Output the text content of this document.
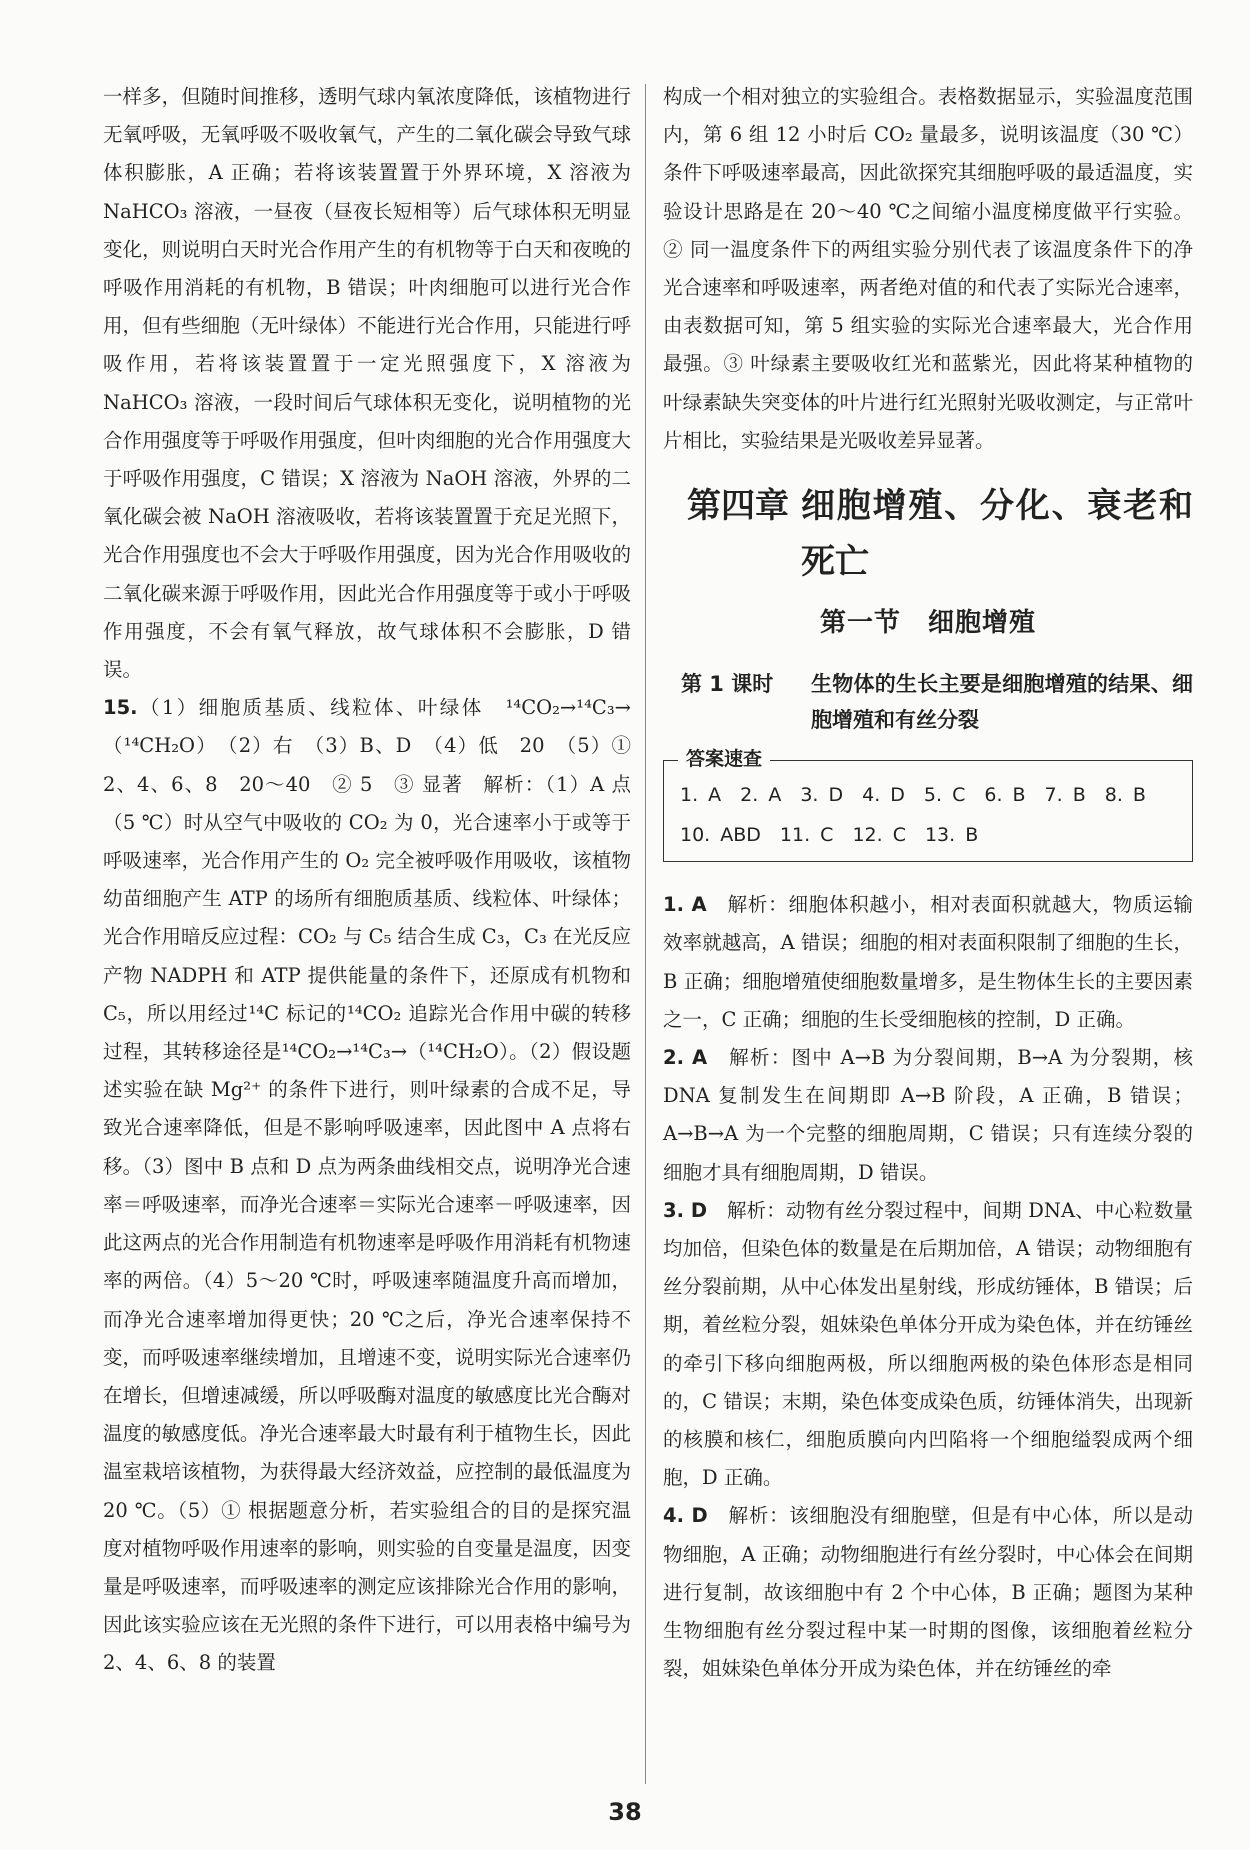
一样多，但随时间推移，透明气球内氧浓度降低，该植物进行无氧呼吸，无氧呼吸不吸收氧气，产生的二氧化碳会导致气球体积膨胀，A 正确；若将该装置置于外界环境，X 溶液为 NaHCO₃ 溶液，一昼夜（昼夜长短相等）后气球体积无明显变化，则说明白天时光合作用产生的有机物等于白天和夜晚的呼吸作用消耗的有机物，B 错误；叶肉细胞可以进行光合作用，但有些细胞（无叶绿体）不能进行光合作用，只能进行呼吸作用，若将该装置置于一定光照强度下，X 溶液为 NaHCO₃ 溶液，一段时间后气球体积无变化，说明植物的光合作用强度等于呼吸作用强度，但叶肉细胞的光合作用强度大于呼吸作用强度，C 错误；X 溶液为 NaOH 溶液，外界的二氧化碳会被 NaOH 溶液吸收，若将该装置置于充足光照下，光合作用强度也不会大于呼吸作用强度，因为光合作用吸收的二氧化碳来源于呼吸作用，因此光合作用强度等于或小于呼吸作用强度，不会有氧气释放，故气球体积不会膨胀，D 错误。

15.（1）细胞质基质、线粒体、叶绿体　¹⁴CO₂→¹⁴C₃→（¹⁴CH₂O）　（2）右　（3）B、D　（4）低　20　（5）① 2、4、6、8　20～40　② 5　③ 显著　解析：（1）A 点（5 ℃）时从空气中吸收的 CO₂ 为 0，光合速率小于或等于呼吸速率，光合作用产生的 O₂ 完全被呼吸作用吸收，该植物幼苗细胞产生 ATP 的场所有细胞质基质、线粒体、叶绿体；光合作用暗反应过程：CO₂ 与 C₅ 结合生成 C₃，C₃ 在光反应产物 NADPH 和 ATP 提供能量的条件下，还原成有机物和 C₅，所以用经过¹⁴C 标记的¹⁴CO₂ 追踪光合作用中碳的转移过程，其转移途径是¹⁴CO₂→¹⁴C₃→（¹⁴CH₂O）。（2）假设题述实验在缺 Mg²⁺ 的条件下进行，则叶绿素的合成不足，导致光合速率降低，但是不影响呼吸速率，因此图中 A 点将右移。（3）图中 B 点和 D 点为两条曲线相交点，说明净光合速率＝呼吸速率，而净光合速率＝实际光合速率－呼吸速率，因此这两点的光合作用制造有机物速率是呼吸作用消耗有机物速率的两倍。（4）5～20 ℃时，呼吸速率随温度升高而增加，而净光合速率增加得更快；20 ℃之后，净光合速率保持不变，而呼吸速率继续增加，且增速不变，说明实际光合速率仍在增长，但增速减缓，所以呼吸酶对温度的敏感度比光合酶对温度的敏感度低。净光合速率最大时最有利于植物生长，因此温室栽培该植物，为获得最大经济效益，应控制的最低温度为 20 ℃。（5）① 根据题意分析，若实验组合的目的是探究温度对植物呼吸作用速率的影响，则实验的自变量是温度，因变量是呼吸速率，而呼吸速率的测定应该排除光合作用的影响，因此该实验应该在无光照的条件下进行，可以用表格中编号为 2、4、6、8 的装置

构成一个相对独立的实验组合。表格数据显示，实验温度范围内，第 6 组 12 小时后 CO₂ 量最多，说明该温度（30 ℃）条件下呼吸速率最高，因此欲探究其细胞呼吸的最适温度，实验设计思路是在 20～40 ℃之间缩小温度梯度做平行实验。② 同一温度条件下的两组实验分别代表了该温度条件下的净光合速率和呼吸速率，两者绝对值的和代表了实际光合速率，由表数据可知，第 5 组实验的实际光合速率最大，光合作用最强。③ 叶绿素主要吸收红光和蓝紫光，因此将某种植物的叶绿素缺失突变体的叶片进行红光照射光吸收测定，与正常叶片相比，实验结果是光吸收差异显著。

第四章 细胞增殖、分化、衰老和死亡
第一节　细胞增殖
第 1 课时 生物体的生长主要是细胞增殖的结果、细胞增殖和有丝分裂
答案速查
1. A　2. A　3. D　4. D　5. C　6. B　7. B　8. B
10. ABD　11. C　12. C　13. B

1. A　 解析：细胞体积越小，相对表面积就越大，物质运输效率就越高，A 错误；细胞的相对表面积限制了细胞的生长，B 正确；细胞增殖使细胞数量增多，是生物体生长的主要因素之一，C 正确；细胞的生长受细胞核的控制，D 正确。

2. A　 解析：图中 A→B 为分裂间期，B→A 为分裂期，核 DNA 复制发生在间期即 A→B 阶段，A 正确，B 错误；A→B→A 为一个完整的细胞周期，C 错误；只有连续分裂的细胞才具有细胞周期，D 错误。

3. D　 解析：动物有丝分裂过程中，间期 DNA、中心粒数量均加倍，但染色体的数量是在后期加倍，A 错误；动物细胞有丝分裂前期，从中心体发出星射线，形成纺锤体，B 错误；后期，着丝粒分裂，姐妹染色单体分开成为染色体，并在纺锤丝的牵引下移向细胞两极，所以细胞两极的染色体形态是相同的，C 错误；末期，染色体变成染色质，纺锤体消失，出现新的核膜和核仁，细胞质膜向内凹陷将一个细胞缢裂成两个细胞，D 正确。

4. D　 解析：该细胞没有细胞壁，但是有中心体，所以是动物细胞，A 正确；动物细胞进行有丝分裂时，中心体会在间期进行复制，故该细胞中有 2 个中心体，B 正确；题图为某种生物细胞有丝分裂过程中某一时期的图像，该细胞着丝粒分裂，姐妹染色单体分开成为染色体，并在纺锤丝的牵

38
